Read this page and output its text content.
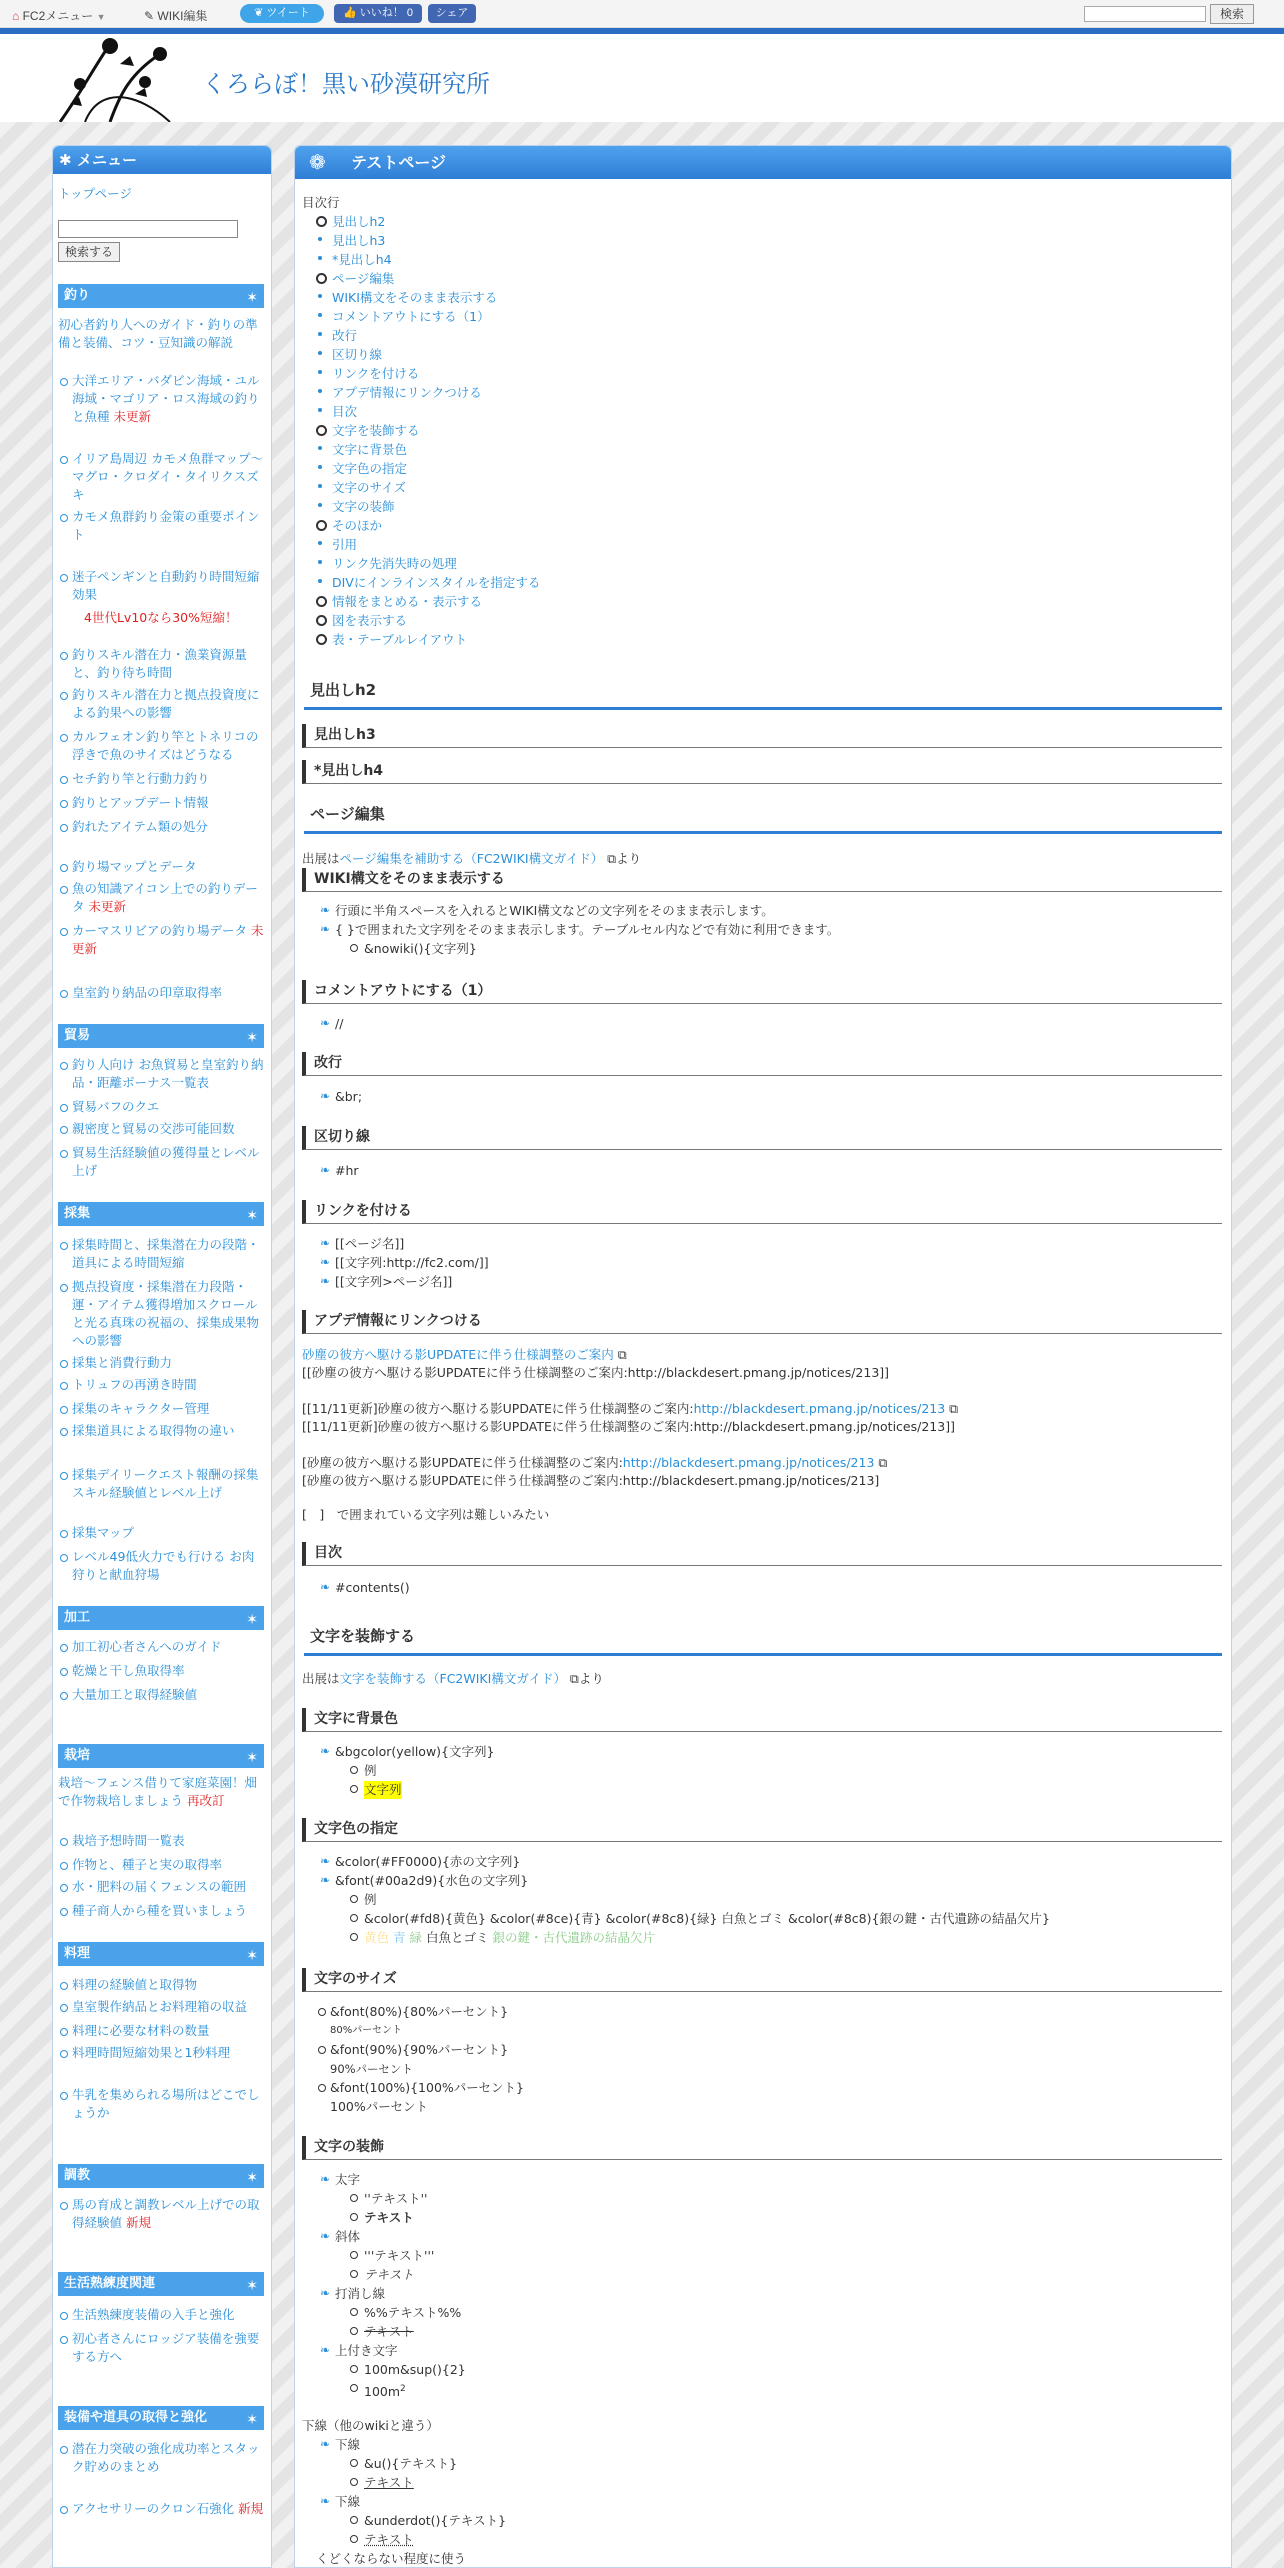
⌂ FC2メニュー ▼	✎ WIKI編集	❦ ツイート	👍 いいね！ 0	シェア	検索
くろらぼ！黒い砂漠研究所
✱ メニュー
トップページ
検索する
釣り	✶
初心者釣り人へのガイド・釣りの準備と装備、コツ・豆知識の解説
大洋エリア・バダビン海域・ユル海域・マゴリア・ロス海域の釣りと魚種 未更新
イリア島周辺 カモメ魚群マップ～マグロ・クロダイ・タイリクスズキ
カモメ魚群釣り金策の重要ポイント
迷子ペンギンと自動釣り時間短縮効果
4世代Lv10なら30%短縮！
釣りスキル潜在力・漁業資源量と、釣り待ち時間
釣りスキル潜在力と拠点投資度による釣果への影響
カルフェオン釣り竿とトネリコの浮きで魚のサイズはどうなる
セチ釣り竿と行動力釣り
釣りとアップデート情報
釣れたアイテム類の処分
釣り場マップとデータ
魚の知識アイコン上での釣りデータ 未更新
カーマスリビアの釣り場データ 未更新
皇室釣り納品の印章取得率
貿易	✶
釣り人向け お魚貿易と皇室釣り納品・距離ボーナス一覧表
貿易バフのクエ
親密度と貿易の交渉可能回数
貿易生活経験値の獲得量とレベル上げ
採集	✶
採集時間と、採集潜在力の段階・道具による時間短縮
拠点投資度・採集潜在力段階・運・アイテム獲得増加スクロールと光る真珠の祝福の、採集成果物への影響
採集と消費行動力
トリュフの再湧き時間
採集のキャラクター管理
採集道具による取得物の違い
採集デイリークエスト報酬の採集スキル経験値とレベル上げ
採集マップ
レベル49低火力でも行ける お肉狩りと献血狩場
加工	✶
加工初心者さんへのガイド
乾燥と干し魚取得率
大量加工と取得経験値
栽培	✶
栽培～フェンス借りて家庭菜園！畑で作物栽培しましょう 再改訂
栽培予想時間一覧表
作物と、種子と実の取得率
水・肥料の届くフェンスの範囲
種子商人から種を買いましょう
料理	✶
料理の経験値と取得物
皇室製作納品とお料理箱の収益
料理に必要な材料の数量
料理時間短縮効果と1秒料理
牛乳を集められる場所はどこでしょうか
調教	✶
馬の育成と調教レベル上げでの取得経験値 新規
生活熟練度関連	✶
生活熟練度装備の入手と強化
初心者さんにロッジア装備を強要する方へ
装備や道具の取得と強化	✶
潜在力突破の強化成功率とスタック貯めのまとめ
アクセサリーのクロン石強化 新規
❁ テストページ
目次行
見出しh2
見出しh3
*見出しh4
ページ編集
WIKI構文をそのまま表示する
コメントアウトにする（1）
改行
区切り線
リンクを付ける
アプデ情報にリンクつける
目次
文字を装飾する
文字に背景色
文字色の指定
文字のサイズ
文字の装飾
そのほか
引用
リンク先消失時の処理
DIVにインラインスタイルを指定する
情報をまとめる・表示する
図を表示する
表・テーブルレイアウト
見出しh2
見出しh3
*見出しh4
ページ編集
出展はページ編集を補助する（FC2WIKI構文ガイド） ⧉より
WIKI構文をそのまま表示する
❧ 行頭に半角スペースを入れるとWIKI構文などの文字列をそのまま表示します。
❧ { }で囲まれた文字列をそのまま表示します。テーブルセル内などで有効に利用できます。
&nowiki(){文字列}
コメントアウトにする（1）
❧ //
改行
❧ &br;
区切り線
❧ #hr
リンクを付ける
❧ [[ページ名]]
❧ [[文字列:http://fc2.com/]]
❧ [[文字列>ページ名]]
アプデ情報にリンクつける
砂塵の彼方へ駆ける影UPDATEに伴う仕様調整のご案内 ⧉
[[砂塵の彼方へ駆ける影UPDATEに伴う仕様調整のご案内:http://blackdesert.pmang.jp/notices/213]]
[[11/11更新]砂塵の彼方へ駆ける影UPDATEに伴う仕様調整のご案内:http://blackdesert.pmang.jp/notices/213 ⧉
[[11/11更新]砂塵の彼方へ駆ける影UPDATEに伴う仕様調整のご案内:http://blackdesert.pmang.jp/notices/213]]
[砂塵の彼方へ駆ける影UPDATEに伴う仕様調整のご案内:http://blackdesert.pmang.jp/notices/213 ⧉
[砂塵の彼方へ駆ける影UPDATEに伴う仕様調整のご案内:http://blackdesert.pmang.jp/notices/213]
[　]　で囲まれている文字列は難しいみたい
目次
❧ #contents()
文字を装飾する
出展は文字を装飾する（FC2WIKI構文ガイド） ⧉より
文字に背景色
❧ &bgcolor(yellow){文字列}
例
文字列
文字色の指定
❧ &color(#FF0000){赤の文字列}
❧ &font(#00a2d9){水色の文字列}
例
&color(#fd8){黄色} &color(#8ce){青} &color(#8c8){緑} 白魚とゴミ &color(#8c8){銀の鍵・古代遺跡の結晶欠片}
黄色 青 緑 白魚とゴミ 銀の鍵・古代遺跡の結晶欠片
文字のサイズ
&font(80%){80%パーセント}
80%パーセント
&font(90%){90%パーセント}
90%パーセント
&font(100%){100%パーセント}
100%パーセント
文字の装飾
❧ 太字
''テキスト''
テキスト
❧ 斜体
'''テキスト'''
テキスト
❧ 打消し線
%%テキスト%%
テキスト
❧ 上付き文字
100m&sup(){2}
$100m^2$
下線（他のwikiと違う）
❧ 下線
&u(){テキスト}
テキスト
❧ 下線
&underdot(){テキスト}
テキスト
くどくならない程度に使う
